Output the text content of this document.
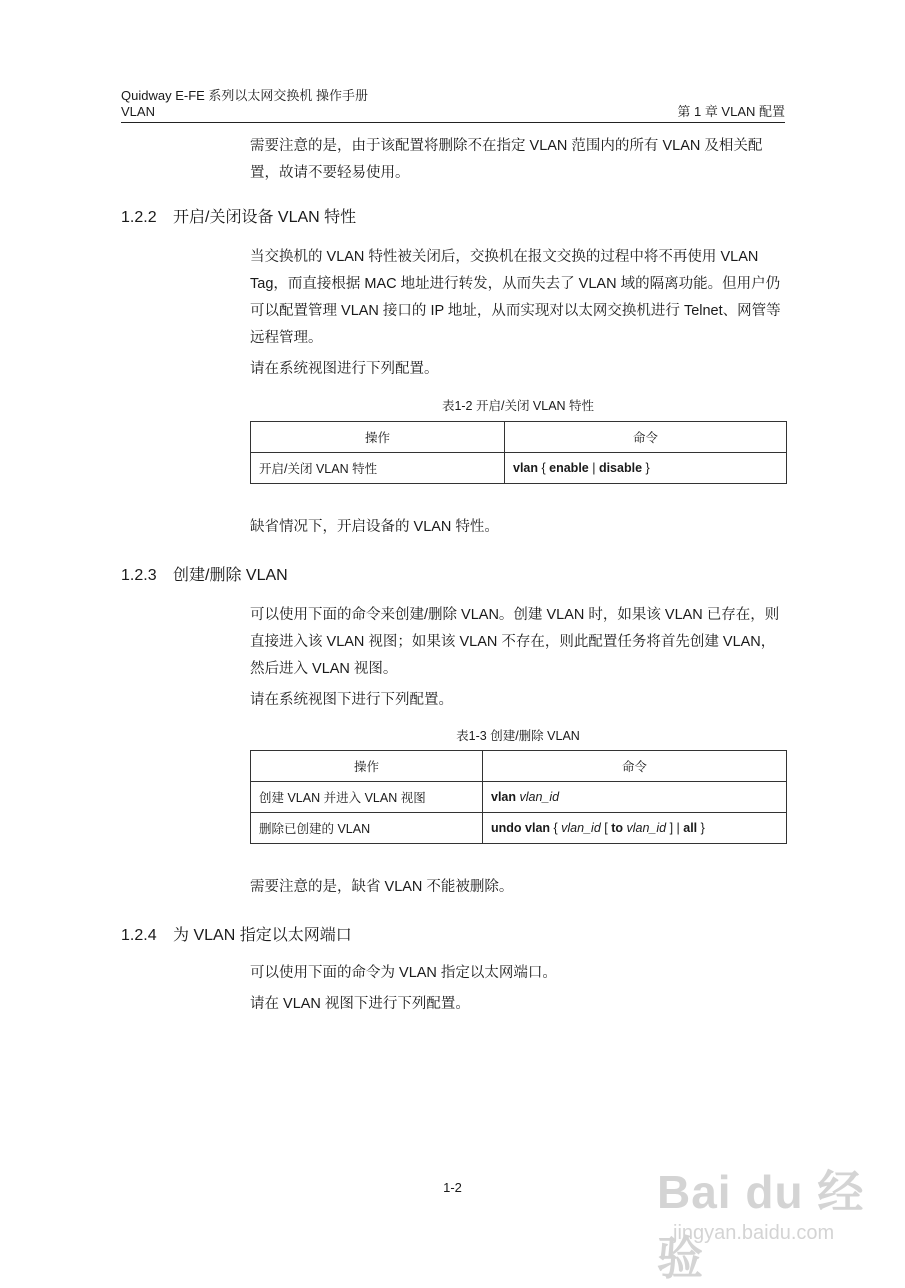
Quidway E-FE 系列以太网交换机 操作手册
VLAN	第 1 章 VLAN 配置

需要注意的是，由于该配置将删除不在指定 VLAN 范围内的所有 VLAN 及相关配置，故请不要轻易使用。

1.2.2 开启/关闭设备 VLAN 特性

当交换机的 VLAN 特性被关闭后，交换机在报文交换的过程中将不再使用 VLAN Tag，而直接根据 MAC 地址进行转发，从而失去了 VLAN 域的隔离功能。但用户仍可以配置管理 VLAN 接口的 IP 地址，从而实现对以太网交换机进行 Telnet、网管等远程管理。

请在系统视图进行下列配置。

表1-2 开启/关闭 VLAN 特性
操作	命令
开启/关闭 VLAN 特性	vlan { enable | disable }

缺省情况下，开启设备的 VLAN 特性。

1.2.3 创建/删除 VLAN

可以使用下面的命令来创建/删除 VLAN。创建 VLAN 时，如果该 VLAN 已存在，则直接进入该 VLAN 视图；如果该 VLAN 不存在，则此配置任务将首先创建 VLAN，然后进入 VLAN 视图。

请在系统视图下进行下列配置。

表1-3 创建/删除 VLAN
操作	命令
创建 VLAN 并进入 VLAN 视图	vlan vlan_id
删除已创建的 VLAN	undo vlan { vlan_id [ to vlan_id ] | all }

需要注意的是，缺省 VLAN 不能被删除。

1.2.4 为 VLAN 指定以太网端口

可以使用下面的命令为 VLAN 指定以太网端口。

请在 VLAN 视图下进行下列配置。

1-2	Bai du 经验
jingyan.baidu.com
